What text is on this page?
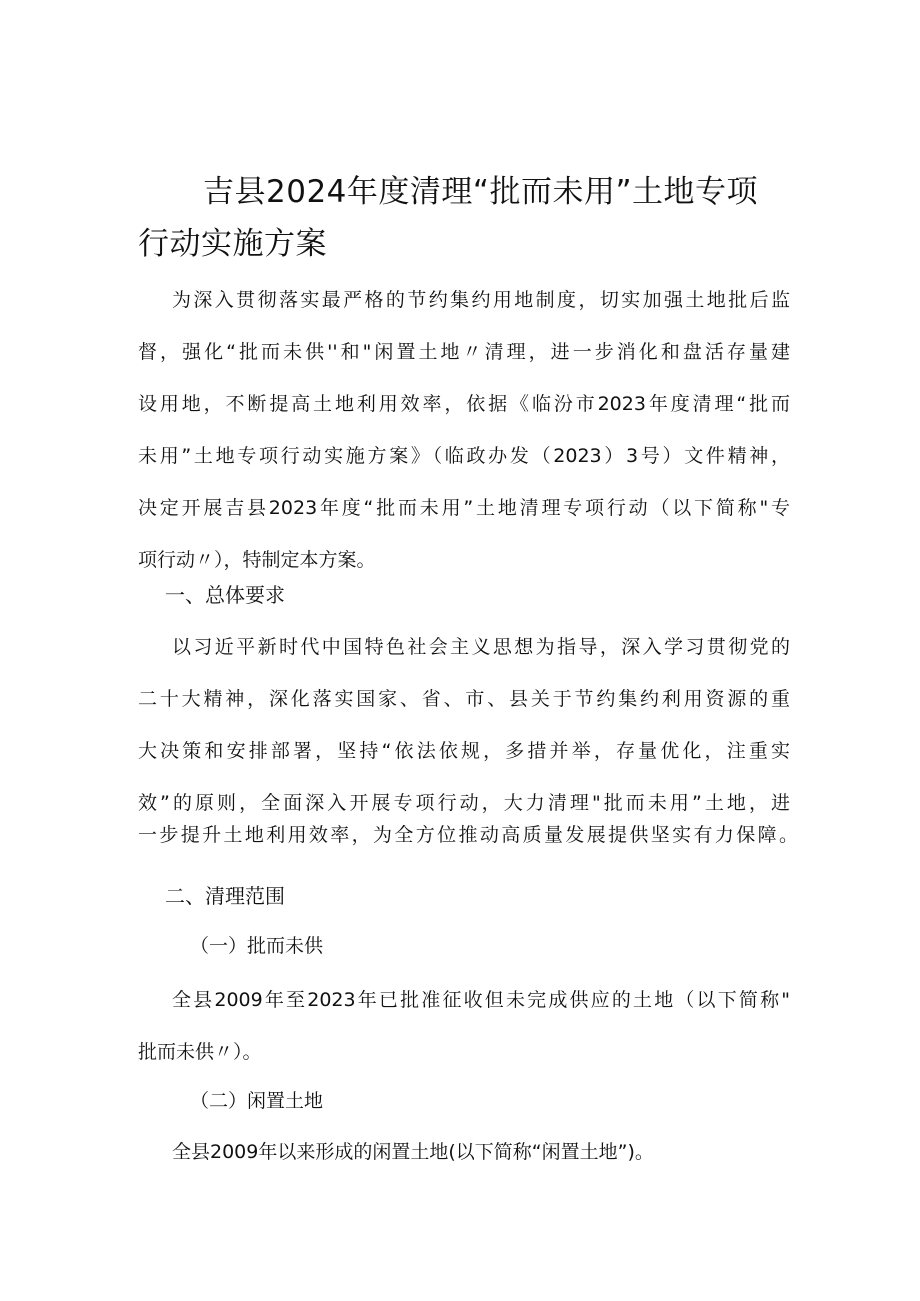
吉县2024年度清理“批而未用”土地专项
行动实施方案
为深入贯彻落实最严格的节约集约用地制度，切实加强土地批后监
督，强化“批而未供''和"闲置土地〃清理，进一步消化和盘活存量建
设用地，不断提高土地利用效率，依据《临汾市2023年度清理“批而
未用”土地专项行动实施方案》（临政办发（2023）3号）文件精神，
决定开展吉县2023年度“批而未用”土地清理专项行动（以下简称"专
项行动〃），特制定本方案。
一、总体要求
以习近平新时代中国特色社会主义思想为指导，深入学习贯彻党的
二十大精神，深化落实国家、省、市、县关于节约集约利用资源的重
大决策和安排部署，坚持“依法依规，多措并举，存量优化，注重实
效”的原则，全面深入开展专项行动，大力清理"批而未用”土地，进
一步提升土地利用效率，为全方位推动高质量发展提供坚实有力保障。
二、清理范围
（一）批而未供
全县2009年至2023年已批准征收但未完成供应的土地（以下简称"
批而未供〃）。
（二）闲置土地
全县2009年以来形成的闲置土地(以下简称“闲置土地”)。
